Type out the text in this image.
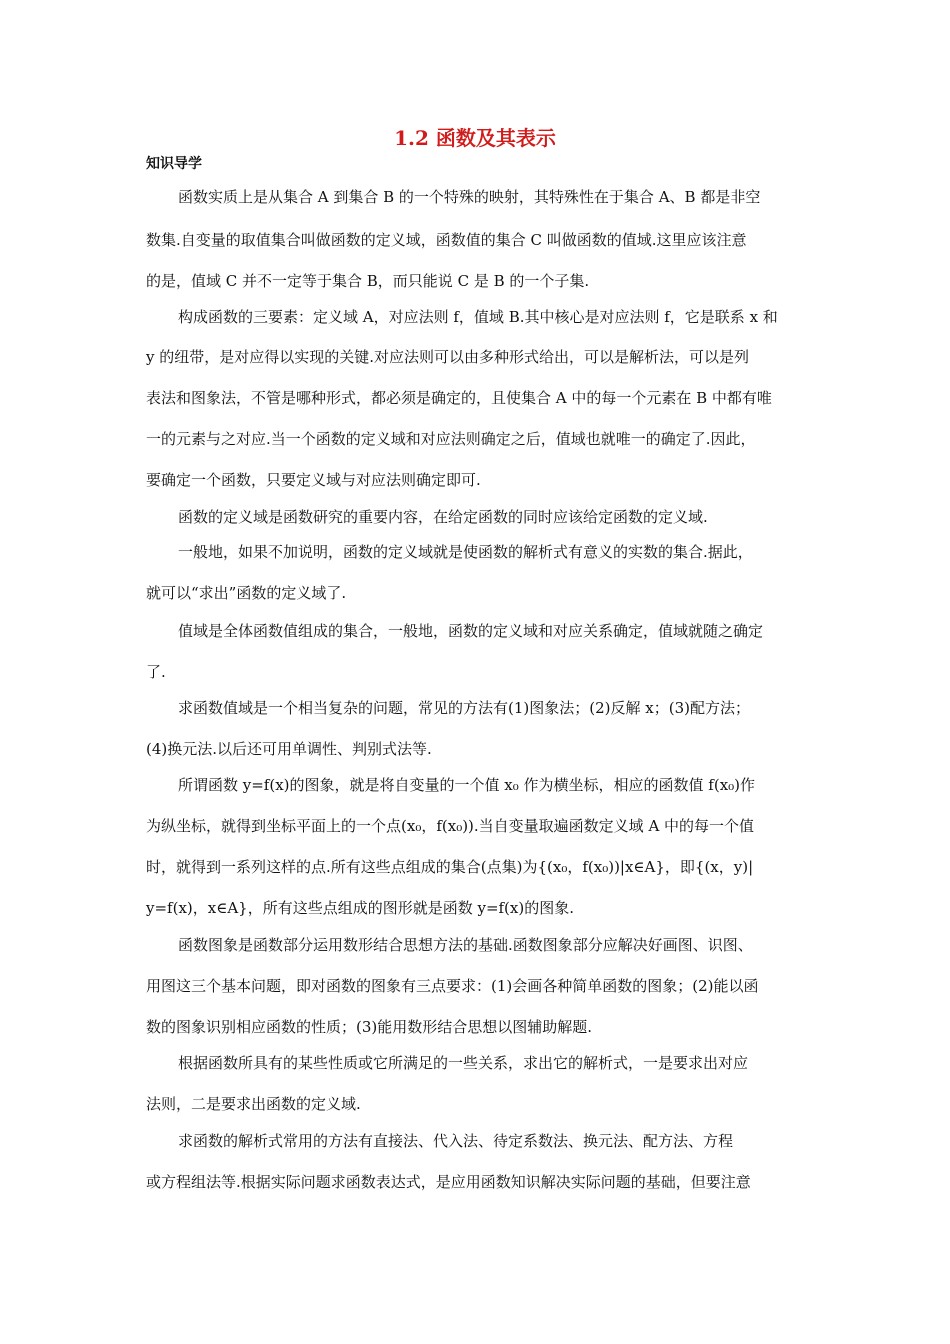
1.2 函数及其表示
知识导学
函数实质上是从集合 A 到集合 B 的一个特殊的映射，其特殊性在于集合 A、B 都是非空
数集.自变量的取值集合叫做函数的定义域，函数值的集合 C 叫做函数的值域.这里应该注意
的是，值域 C 并不一定等于集合 B，而只能说 C 是 B 的一个子集.
构成函数的三要素：定义域 A，对应法则 f，值域 B.其中核心是对应法则 f，它是联系 x 和
y 的纽带，是对应得以实现的关键.对应法则可以由多种形式给出，可以是解析法，可以是列
表法和图象法，不管是哪种形式，都必须是确定的，且使集合 A 中的每一个元素在 B 中都有唯
一的元素与之对应.当一个函数的定义域和对应法则确定之后，值域也就唯一的确定了.因此，
要确定一个函数，只要定义域与对应法则确定即可.
函数的定义域是函数研究的重要内容，在给定函数的同时应该给定函数的定义域.
一般地，如果不加说明，函数的定义域就是使函数的解析式有意义的实数的集合.据此，
就可以“求出”函数的定义域了.
值域是全体函数值组成的集合，一般地，函数的定义域和对应关系确定，值域就随之确定
了.
求函数值域是一个相当复杂的问题，常见的方法有(1)图象法；(2)反解 x；(3)配方法；
(4)换元法.以后还可用单调性、判别式法等.
所谓函数 y=f(x)的图象，就是将自变量的一个值 x₀ 作为横坐标，相应的函数值 f(x₀)作
为纵坐标，就得到坐标平面上的一个点(x₀，f(x₀)).当自变量取遍函数定义域 A 中的每一个值
时，就得到一系列这样的点.所有这些点组成的集合(点集)为{(x₀，f(x₀))|x∈A}，即{(x，y)|
y=f(x)，x∈A}，所有这些点组成的图形就是函数 y=f(x)的图象.
函数图象是函数部分运用数形结合思想方法的基础.函数图象部分应解决好画图、识图、
用图这三个基本问题，即对函数的图象有三点要求：(1)会画各种简单函数的图象；(2)能以函
数的图象识别相应函数的性质；(3)能用数形结合思想以图辅助解题.
根据函数所具有的某些性质或它所满足的一些关系，求出它的解析式，一是要求出对应
法则，二是要求出函数的定义域.
求函数的解析式常用的方法有直接法、代入法、待定系数法、换元法、配方法、方程
或方程组法等.根据实际问题求函数表达式，是应用函数知识解决实际问题的基础，但要注意
